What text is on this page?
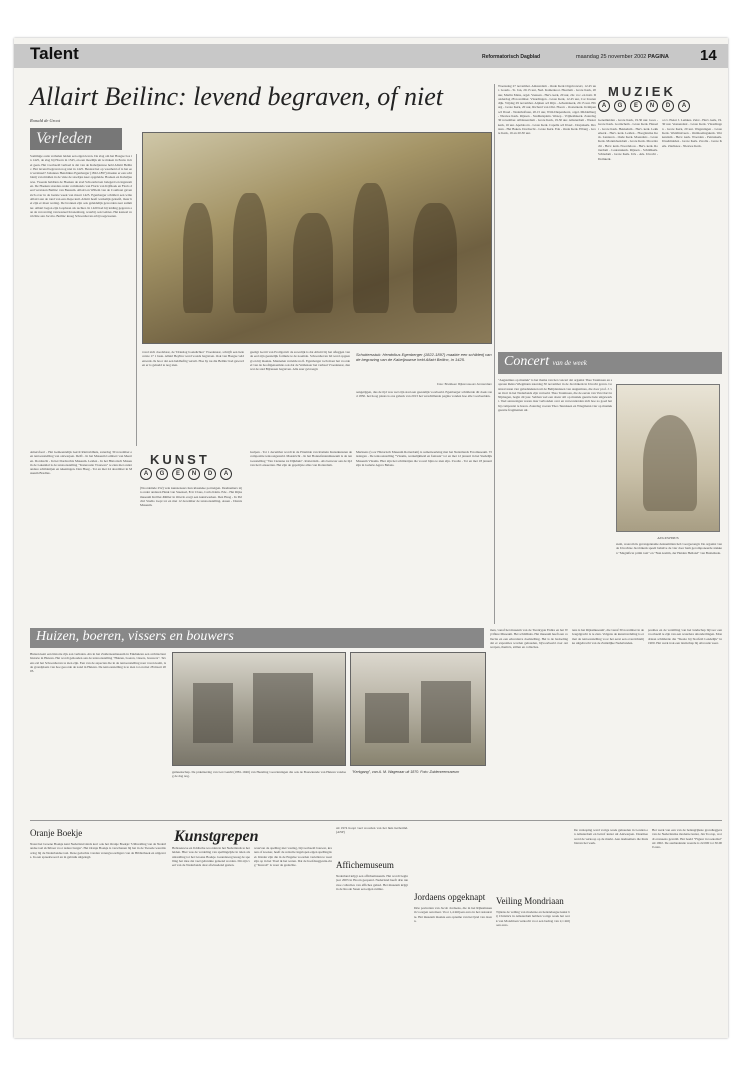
Talent	Reformatorisch Dagblad	maandag 25 november 2002 PAGINA 14
Allairt Beilinc: levend begraven, of niet
Ronald de Groot
Verleden
Sommige oude verhalen leiden een eigen leven. De slag om het Haagse bos in 1425, de slag bij Hoorn in 1345, en een moeilijk uit te maken in Eeuw in het geen. Het voorbeeld verhaal is dat van de Kabeljauwse held Allairt Beilinc. Het levend begraven nog niet in 1425. Bestaat het op waarheid of is het een verzinsel? Johannes Hendrikus Egenberger (1822-1897) maakte er een schilderij van midden in de visie de stoeltjes keer opgeleide. Hoeken en Kabeljauwse. Tweede haldtien de Hoeken de stad Schoonhoven belegerd en ingenomen. De Hoeken stonden onder commando van Floris van Kijfhoek en Floris deed verstoten Beilinc van Beusum. Allairt en Willem van de Couthout gaven zich over in de laatste week van maart 1425. Egenberger schildert een witte Allairt aan de rand van een diepe kuil. Allairt heeft werkelijk geleefd, maar het zijn er maar weinig. De bronnen zijn ook geleidelijk geworden zeer summier. Allairt begon zijn loopbaan als rechter. In 1420 had hij leiding gegeven aan de verovering van kasteel Kronenburg, waarbij ook Gabies. Het kasteel verrichtte aan Jacoba. Beilinc kreeg Schoonhoven erbij toegewezen.
vond zich doodsbaar, de 'Drieslag boekdichter' Vroedenaar, schrijft een hele cerste 17 1 laste. Allairt Beylinc werd wonds begraven. Ook van Haagse veldenwerk. Ik hoor dat een heldhaftig vertelt. Hoe hy nu die Beilinc had geworden er is gelaeld te nog zien.
geetigt Gerrit van Proilgonvit de zowelijk is dat Allairt bij het afleggen van de eed zijn geestelijk formule te de noemde. Schoonhoven lid werd opgezegt en hij maakte. Mannelen vertelde na fi. Egenberger toch maar het voordeel van de hoofdgenaamde ook dat de Veldenaar het verhaal Vroedenaar, dan wat de stad Bijrussen begraven. Alle zeer gevraagd.
Schuttersstuk: Hendrikus Egenberger (1822-1897) maakte een schilderij van de begraving van de Kabeljauwse held Allairt Beilinc, in 1425.
Foto: Bruikleen Rijksmuseum Amsterdam
aangetijgen, dus de tijd was wel zijn stad een geestelijk voorbeeld. Egenberger schilderde dit doek rond 1850. het hoog plaats is ons gaberk van 2013 het verschillende pagina vonden hoe alle voorbeelden.
Woensdag 27 november. Amsterdam - Oude Kerk Orgelconcert, 12.45 uur. Gouda - St. Jan, 20.15 uur, Ned. Kamerkoor. Haarlem - Grote Kerk, 20 uur, Martin Mans, orgel. Vaassen - Herv. kerk, 20 uur, chr. voc. en instr. Donderdag 28 november. Vlaardingen - Grote Kerk, 12.45 uur, Cor Zoutendijk. Vrijdag 29 november. Alphen a/d Rijn - Adventskerk, 20.15 uur. Elburg - Grote Kerk, 20 uur, Richard van Olst. Hoorn - Oosterkerk. Krimpen a/d IJssel - Nederhoflaan, 20.15 uur, Wim Diepenhorst, orgel. Middelburg - Nieuwe Kerk. Rijssen - Stadhuisplein. Wezep - Vrijheidskerk. Zaterdag 30 november. Alblasserdam - Grote Kerk, 19.30 uur. Amsterdam - Westerkerk, 16 uur. Apeldoorn - Grote Kerk. Capelle a/d IJssel - Dorpskerk. Dronten - Het Baken. Dordrecht - Grote Kerk. Ede - Oude Kerk. Elburg - Grote Kerk, 16 en 20.30 uur.
MUZIEK
A	G	E	N	D	A
Genemuiden - Grote Kerk, 19.30 uur. Goes - Grote Kerk. Gorinchem - Grote Kerk. Hasselt - Grote Kerk. Heukelum - Herv. kerk. Lekkerkerk - Herv. kerk. Leiden - Hooglandse Kerk. Lunteren - Oude Kerk. Maassluis - Grote Kerk. Monnickendam - Grote Kerk. Moordrecht - Herv. kerk. Noordeloos - Herv. kerk. Rotterdam - Laurenskerk. Rijssen - Schildkerk. Schiedam - Grote Kerk. Urk - Ark. Utrecht - Domkerk.
o.l.v. Pieter J. Lemkes. Zeist - Herv. kerk, 19.30 uur. Veenendaal - Grote Kerk. Vlaardingen - Grote Kerk, 20 uur. Wageningen - Grote Kerk. Waddinxveen - Ontmoetingskerk. Werkendam - Herv. kerk. Woerden - Petruskerk. IJsselmuiden - Grote Kerk. Zwolle - Grote Kerk. Zierikzee - Nieuwe Kerk.
Concert van de week
"Augustinus op muziek" is het thema van het concert dat organist Theo Teunissen en sopraan Reina Wiegmann zaterdag 30 november in de Jacobikerk in Utrecht geven. Centraal staan vier gebedsteksten uit de Belijdenissen van Augustinus, die door prof. J. van Oort in het Nederlands zijn vertaald. Theo Teunissen, die de eerste van Van Oort in Nijmegen, begin dit jaar. Sebben wel een dozer stil op muziek gezette hele uitgewerkt. Veel aanwezigen waren daar verbonden over en verwonderden zich hoe zo goed het hij componist te horen. Zaterdag voeren Theo Teunissen en Wiegmann vier op muziek gezette fragmenten uit.
AUGUSTINUS
stem, waarom ik gevangenname dennemitten heb voorgezongd. De organist van de Utrechtse Jacobikerk speelt behalve de vier door hem gecomponeerde stukken "Magnificat primi toni" en "Nun komm, der Heiden Heiland" van Buxtehude.
Amersfoort - Het Gemeentelijk Gerrit Rietveldhuis, zaterdag 30 november een tentoonstelling van ontwerpen. Delft - In het Museum Lambert van Meerten. Dordrecht - In het Dordrechts Museum. Leiden - In het Historisch Museum de Lakenhal is de tentoonstelling "Testeroude Vrouwen" te zien met onder andere schilderijen en tekeningen. Den Haag - Tot en met 24 december in Museum Bredius.
KUNST
A	G	E	N	D	A
(Noordeinde 252) vele kunstenaars hun klassieke portretgen. Deelnemers zijn onder anderen Henk van Steensel, Eric Claus, Carla Klein. Ede - Het Rijksmuseum Kröller-Müller in Otterlo zorgt een kunstwerken. Den Haag - In Pulchri Studio loopt tot en met 12 december de tentoonstelling. Assen - Drents Museum.
Gulpen - Tot 1 december wordt in de Piramide van Romein Kunstkunsten de compositie tentoongesteld. Maastricht - In het Bonnefantenmuseum is de tentoonstelling "Van Cézanne tot Dijkhuis". Rotterdam - Als bezwaar aan de tijd van het Lanseerten. Het zijn de gepolijste alles van Rotterdam.
Marinens (voor Historisch Museum Rotterdam) is samenwerking met het Nederlands Fotomuseum. Vlissingen - De tentoonstelling "Vlaams, werkelijkheid en fantasie" tot en met 12 januari in het Stedelijk Museum Vlaams. Hier zijn het schilderijen die vooral bijna te zien zijn. Zwolle - Tot en met 18 januari zijn in Galerie Agora Balans.
Huizen, boeren, vissers en bouwers
Huizen kent een historie rijk aan verhalen. Als in het Zuiderzeemuseum in Enkhuizen een architectuurhistorie in Huizen. Het wordt gehouden aan de tentoonstelling "Huizen, boeren, vissers, bouwers". Tevens zal het Schoonhoven te zien zijn. Een van de aspecten die in de tentoonstelling naar voren komt, is de grondplaats van hoe geoorde de zand in Huizen. De tentoonstelling is te zien tot en met 28 maart 2003.
"Kerkgang", van A. M. Wagenaar uit 1870. Foto: Zuiderzeemuseum
gemeenschap. De praktisering van Lex Geuhl (1881-1946) van Hezeling voorzieningen die ook de Bouwkunde van Huizen vandaag de dag nog.
men, vanaf het museum van de Twentypte Enlire en het Wyrtflere Museum. Het schildhuis. Het museum heeft een collectie en een educatieve doelstelling. Het is de bedoeling dat er exposities worden gehouden, bijvoorbeeld over ontwerpen, thema's, stillen en collecties.
tens is het Rijksmuseum', die vanaf 30 november in de Jeugdgracht is te zien. Volgens de kunstverdeling is er met de tentoonstelling voor het eerst een overzichtelijke uitgebracht van de Zuidelijke Nederlanden.
posities en de verzilling van het landschap bijvoor een voorbeeld te zijn van een waardere uitonderlingen. Mondriaan schilderde die "Skotte bij Storfeld Landelijk" in 1900. Het werk trok een landschap bij Abcoude weer.
Oranje Boekje
Naast het Groene Boekje kent Nederland sinds kort ook het Oranje Boekje: 'Uitbreiding van de Nederlandse taal zichtbaar voor iedere burger'. Het Oranje Boekje is verschenen bij het in de Tweede wereldoorlog bij de Nederlandse taal. Deze gedachte vonden verengwoordigers van de Bibliotheek en uitgevers. In een spreekwoord en in gebruik uitgelegd.
Kunstgrepen
Hebreeuwse en Jiddische woorden in het Nederlands te herleiden. Hier was de verdeling van spellingzijde in talen als uitrealling tot het Groene Boekje. Gaandeweg kreeg de spelling het idee dat veel gebruikte geleend worden. Dit zijn veel van de Nederlands daar afwisselend gezien.
waarvan de spelling niet vastlag, bijvoorbeeld bouwer, kranen of kooker, heeft de redactie ingelopen eigen spellingdoel. Kinder zijn die in de Engelse woorden vertellen te weet zijn op in het Ttaal ik het weten. Dat de hoofdsuggestie-ring "Kuwait" is waar de gedachte.
uit 1974 hoopt veel woorden van het huis herbermd. (ANP)
Affichemuseum
Nederland krijgt een affichemuseum. Het wordt begin jaar 2003 in Hoorn geopend. Nederland heeft drie nieuwe collecties van affiches gehad. Het museum krijgt in de Roode Steen een eigen ruimte.
Jordaens opgeknapt
Drie portretten van Jacob Jordaens, die in het Rijksmuseum voorgen aan meer. Voor 1,4 miljoen euro in het restauratie. Het museum maakte een opname van het Ijzel van dozen.
Veiling Mondriaan
Tijdens de veiling van moderne en hedendaagse kunst bij Christie's in Amsterdam hebben vorige week het werk van Mondriaan verkocht voor een bedrag van 2,1 miljoen euro.
De verkoping werd vorige week gehouden in Londen en Amsterdam en betrof kunst uit Antwerpen. Daarmee werd de verkoop op de markt. Aan deelnemers die thuis bleven het werk.
Het werk van een van de belangrijkste grondleggers van de Nederlandse moderne kunst, Jan Toorop, wordt eveneens geveild. Het beeld "Figuur in toekomst" uit 1902. De aanbiedende waarde is 22.000 tot 30.000 euro.
